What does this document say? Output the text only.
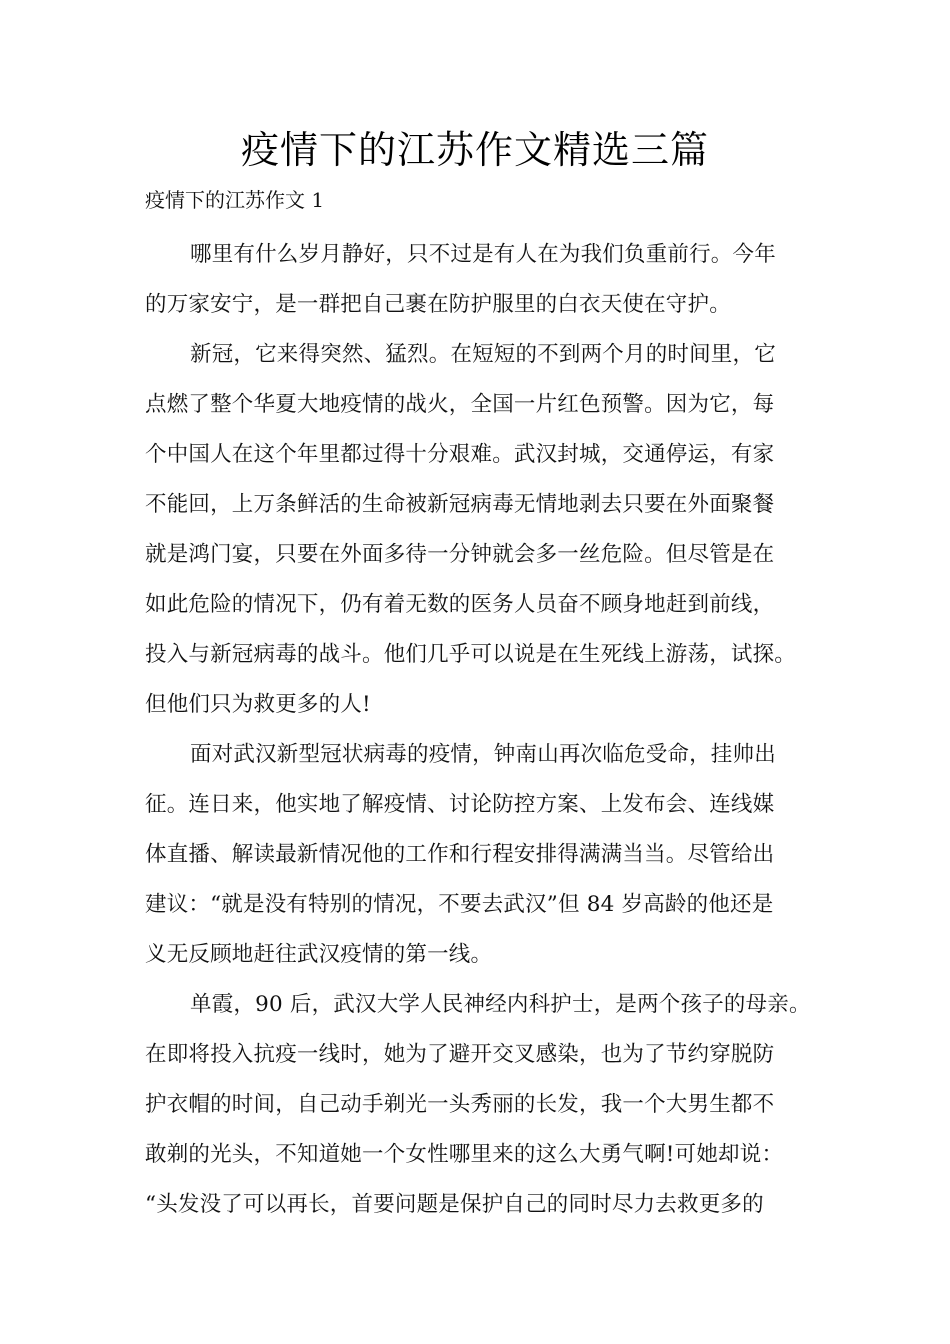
疫情下的江苏作文精选三篇
疫情下的江苏作文 1
哪里有什么岁月静好，只不过是有人在为我们负重前行。今年
的万家安宁，是一群把自己裹在防护服里的白衣天使在守护。
新冠，它来得突然、猛烈。在短短的不到两个月的时间里，它
点燃了整个华夏大地疫情的战火，全国一片红色预警。因为它，每
个中国人在这个年里都过得十分艰难。武汉封城，交通停运，有家
不能回，上万条鲜活的生命被新冠病毒无情地剥去只要在外面聚餐
就是鸿门宴，只要在外面多待一分钟就会多一丝危险。但尽管是在
如此危险的情况下，仍有着无数的医务人员奋不顾身地赶到前线，
投入与新冠病毒的战斗。他们几乎可以说是在生死线上游荡，试探。
但他们只为救更多的人!
面对武汉新型冠状病毒的疫情，钟南山再次临危受命，挂帅出
征。连日来，他实地了解疫情、讨论防控方案、上发布会、连线媒
体直播、解读最新情况他的工作和行程安排得满满当当。尽管给出
建议：“就是没有特别的情况，不要去武汉”但 84 岁高龄的他还是
义无反顾地赶往武汉疫情的第一线。
单霞，90 后，武汉大学人民神经内科护士，是两个孩子的母亲。
在即将投入抗疫一线时，她为了避开交叉感染，也为了节约穿脱防
护衣帽的时间，自己动手剃光一头秀丽的长发，我一个大男生都不
敢剃的光头，不知道她一个女性哪里来的这么大勇气啊!可她却说：
“头发没了可以再长，首要问题是保护自己的同时尽力去救更多的
